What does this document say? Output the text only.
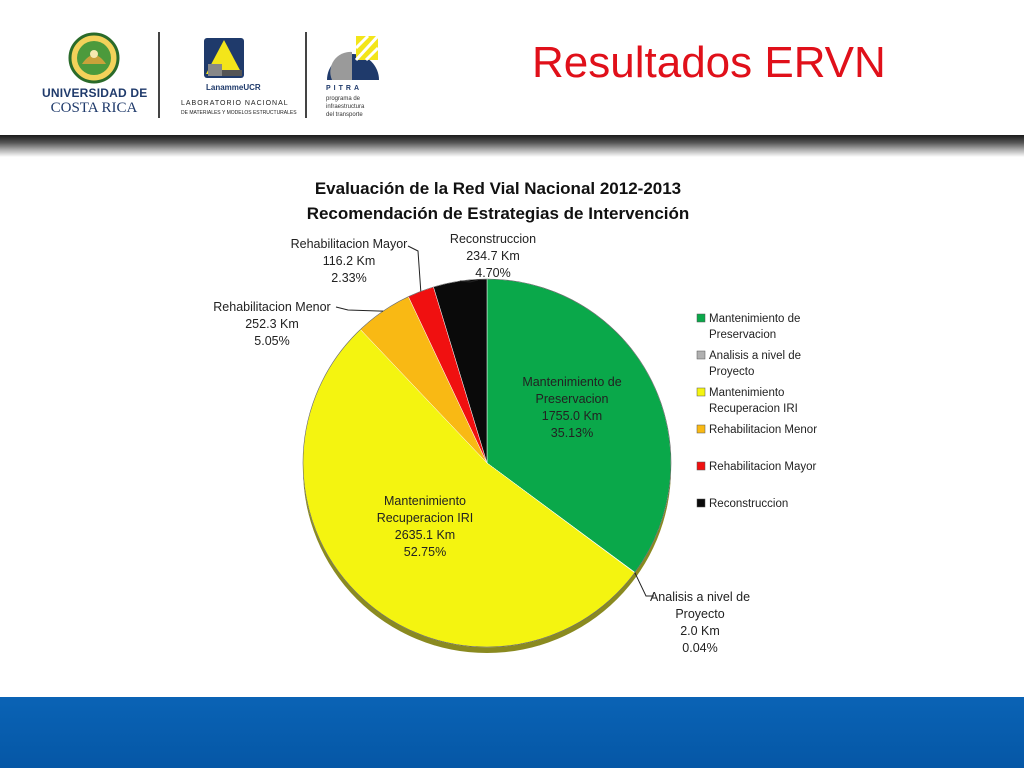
UNIVERSIDAD DE
COSTA RICA
LanammeUCR
LABORATORIO NACIONAL
DE MATERIALES Y MODELOS ESTRUCTURALES
PITRA
programa de
infraestructura
del transporte
Resultados ERVN
Evaluación de la Red Vial Nacional 2012-2013
Recomendación de Estrategias de Intervención
Mantenimiento de
Preservacion
1755.0 Km
35.13%
Analisis a nivel de
Proyecto
2.0 Km
0.04%
Mantenimiento
Recuperacion IRI
2635.1 Km
52.75%
Rehabilitacion Menor
252.3 Km
5.05%
Rehabilitacion Mayor
116.2 Km
2.33%
Reconstruccion
234.7 Km
4.70%
Mantenimiento de
Preservacion
Analisis a nivel de
Proyecto
Mantenimiento
Recuperacion IRI
Rehabilitacion Menor
Rehabilitacion Mayor
Reconstruccion
